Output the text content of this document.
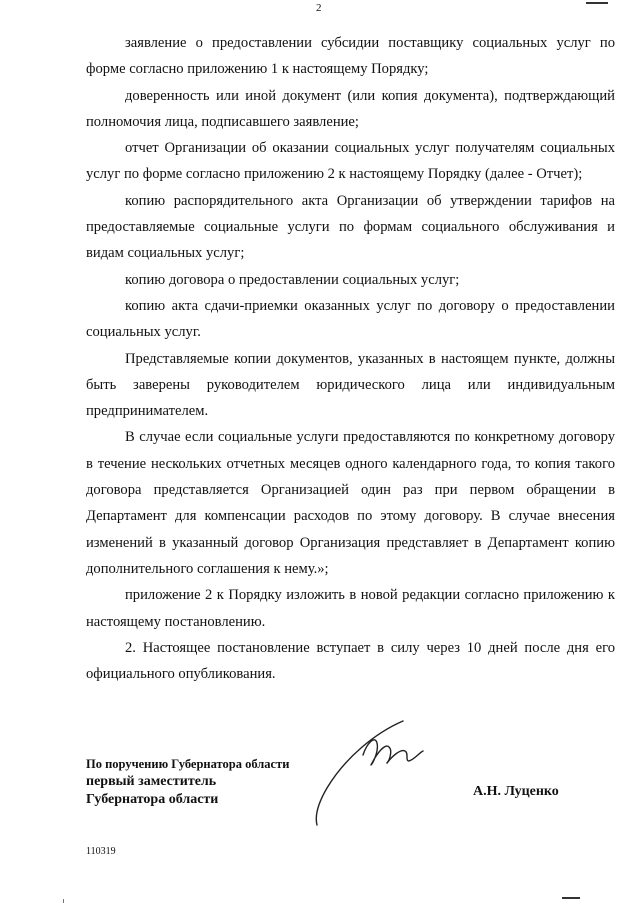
2

заявление о предоставлении субсидии поставщику социальных услуг по форме согласно приложению 1 к настоящему Порядку;

доверенность или иной документ (или копия документа), подтверждающий полномочия лица, подписавшего заявление;

отчет Организации об оказании социальных услуг получателям социальных услуг по форме согласно приложению 2 к настоящему Порядку (далее - Отчет);

копию распорядительного акта Организации об утверждении тарифов на предоставляемые социальные услуги по формам социального обслуживания и видам социальных услуг;

копию договора о предоставлении социальных услуг;

копию акта сдачи-приемки оказанных услуг по договору о предоставлении социальных услуг.

Представляемые копии документов, указанных в настоящем пункте, должны быть заверены руководителем юридического лица или индивидуальным предпринимателем.

В случае если социальные услуги предоставляются по конкретному договору в течение нескольких отчетных месяцев одного календарного года, то копия такого договора представляется Организацией один раз при первом обращении в Департамент для компенсации расходов по этому договору. В случае внесения изменений в указанный договор Организация представляет в Департамент копию дополнительного соглашения к нему.»;

приложение 2 к Порядку изложить в новой редакции согласно приложению к настоящему постановлению.

2. Настоящее постановление вступает в силу через 10 дней после дня его официального опубликования.

По поручению Губернатора области
первый заместитель
Губернатора области
А.Н. Луценко
110319
